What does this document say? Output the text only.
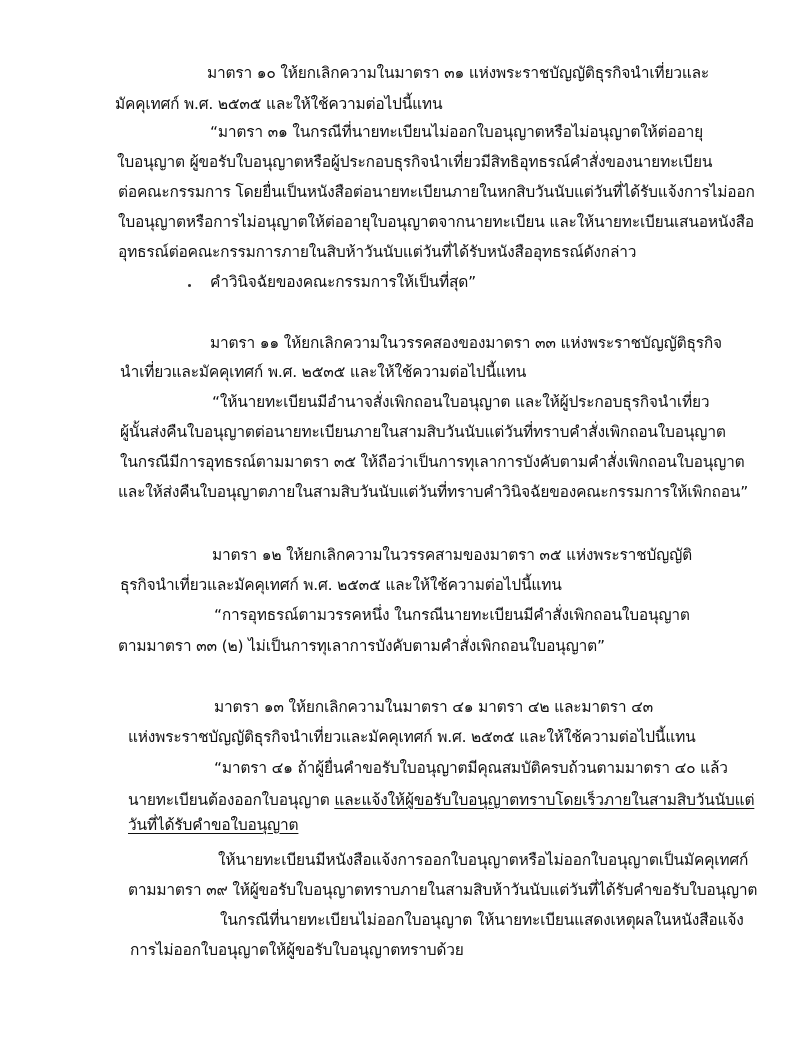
มาตรา ๑๐ ให้ยกเลิกความในมาตรา ๓๑ แห่งพระราชบัญญัติธุรกิจนำเที่ยวและ
มัคคุเทศก์ พ.ศ. ๒๕๓๕ และให้ใช้ความต่อไปนี้แทน
“มาตรา ๓๑ ในกรณีที่นายทะเบียนไม่ออกใบอนุญาตหรือไม่อนุญาตให้ต่ออายุ
ใบอนุญาต ผู้ขอรับใบอนุญาตหรือผู้ประกอบธุรกิจนำเที่ยวมีสิทธิอุทธรณ์คำสั่งของนายทะเบียน
ต่อคณะกรรมการ โดยยื่นเป็นหนังสือต่อนายทะเบียนภายในหกสิบวันนับแต่วันที่ได้รับแจ้งการไม่ออก
ใบอนุญาตหรือการไม่อนุญาตให้ต่ออายุใบอนุญาตจากนายทะเบียน และให้นายทะเบียนเสนอหนังสือ
อุทธรณ์ต่อคณะกรรมการภายในสิบห้าวันนับแต่วันที่ได้รับหนังสืออุทธรณ์ดังกล่าว
คำวินิจฉัยของคณะกรรมการให้เป็นที่สุด”
มาตรา ๑๑ ให้ยกเลิกความในวรรคสองของมาตรา ๓๓ แห่งพระราชบัญญัติธุรกิจ
นำเที่ยวและมัคคุเทศก์ พ.ศ. ๒๕๓๕ และให้ใช้ความต่อไปนี้แทน
“ให้นายทะเบียนมีอำนาจสั่งเพิกถอนใบอนุญาต และให้ผู้ประกอบธุรกิจนำเที่ยว
ผู้นั้นส่งคืนใบอนุญาตต่อนายทะเบียนภายในสามสิบวันนับแต่วันที่ทราบคำสั่งเพิกถอนใบอนุญาต
ในกรณีมีการอุทธรณ์ตามมาตรา ๓๕ ให้ถือว่าเป็นการทุเลาการบังคับตามคำสั่งเพิกถอนใบอนุญาต
และให้ส่งคืนใบอนุญาตภายในสามสิบวันนับแต่วันที่ทราบคำวินิจฉัยของคณะกรรมการให้เพิกถอน”
มาตรา ๑๒ ให้ยกเลิกความในวรรคสามของมาตรา ๓๕ แห่งพระราชบัญญัติ
ธุรกิจนำเที่ยวและมัคคุเทศก์ พ.ศ. ๒๕๓๕ และให้ใช้ความต่อไปนี้แทน
“การอุทธรณ์ตามวรรคหนึ่ง ในกรณีนายทะเบียนมีคำสั่งเพิกถอนใบอนุญาต
ตามมาตรา ๓๓ (๒) ไม่เป็นการทุเลาการบังคับตามคำสั่งเพิกถอนใบอนุญาต”
มาตรา ๑๓ ให้ยกเลิกความในมาตรา ๔๑ มาตรา ๔๒ และมาตรา ๔๓
แห่งพระราชบัญญัติธุรกิจนำเที่ยวและมัคคุเทศก์ พ.ศ. ๒๕๓๕ และให้ใช้ความต่อไปนี้แทน
“มาตรา ๔๑ ถ้าผู้ยื่นคำขอรับใบอนุญาตมีคุณสมบัติครบถ้วนตามมาตรา ๔๐ แล้ว
นายทะเบียนต้องออกใบอนุญาต และแจ้งให้ผู้ขอรับใบอนุญาตทราบโดยเร็วภายในสามสิบวันนับแต่
วันที่ได้รับคำขอใบอนุญาต
ให้นายทะเบียนมีหนังสือแจ้งการออกใบอนุญาตหรือไม่ออกใบอนุญาตเป็นมัคคุเทศก์
ตามมาตรา ๓๙ ให้ผู้ขอรับใบอนุญาตทราบภายในสามสิบห้าวันนับแต่วันที่ได้รับคำขอรับใบอนุญาต
ในกรณีที่นายทะเบียนไม่ออกใบอนุญาต ให้นายทะเบียนแสดงเหตุผลในหนังสือแจ้ง
การไม่ออกใบอนุญาตให้ผู้ขอรับใบอนุญาตทราบด้วย
